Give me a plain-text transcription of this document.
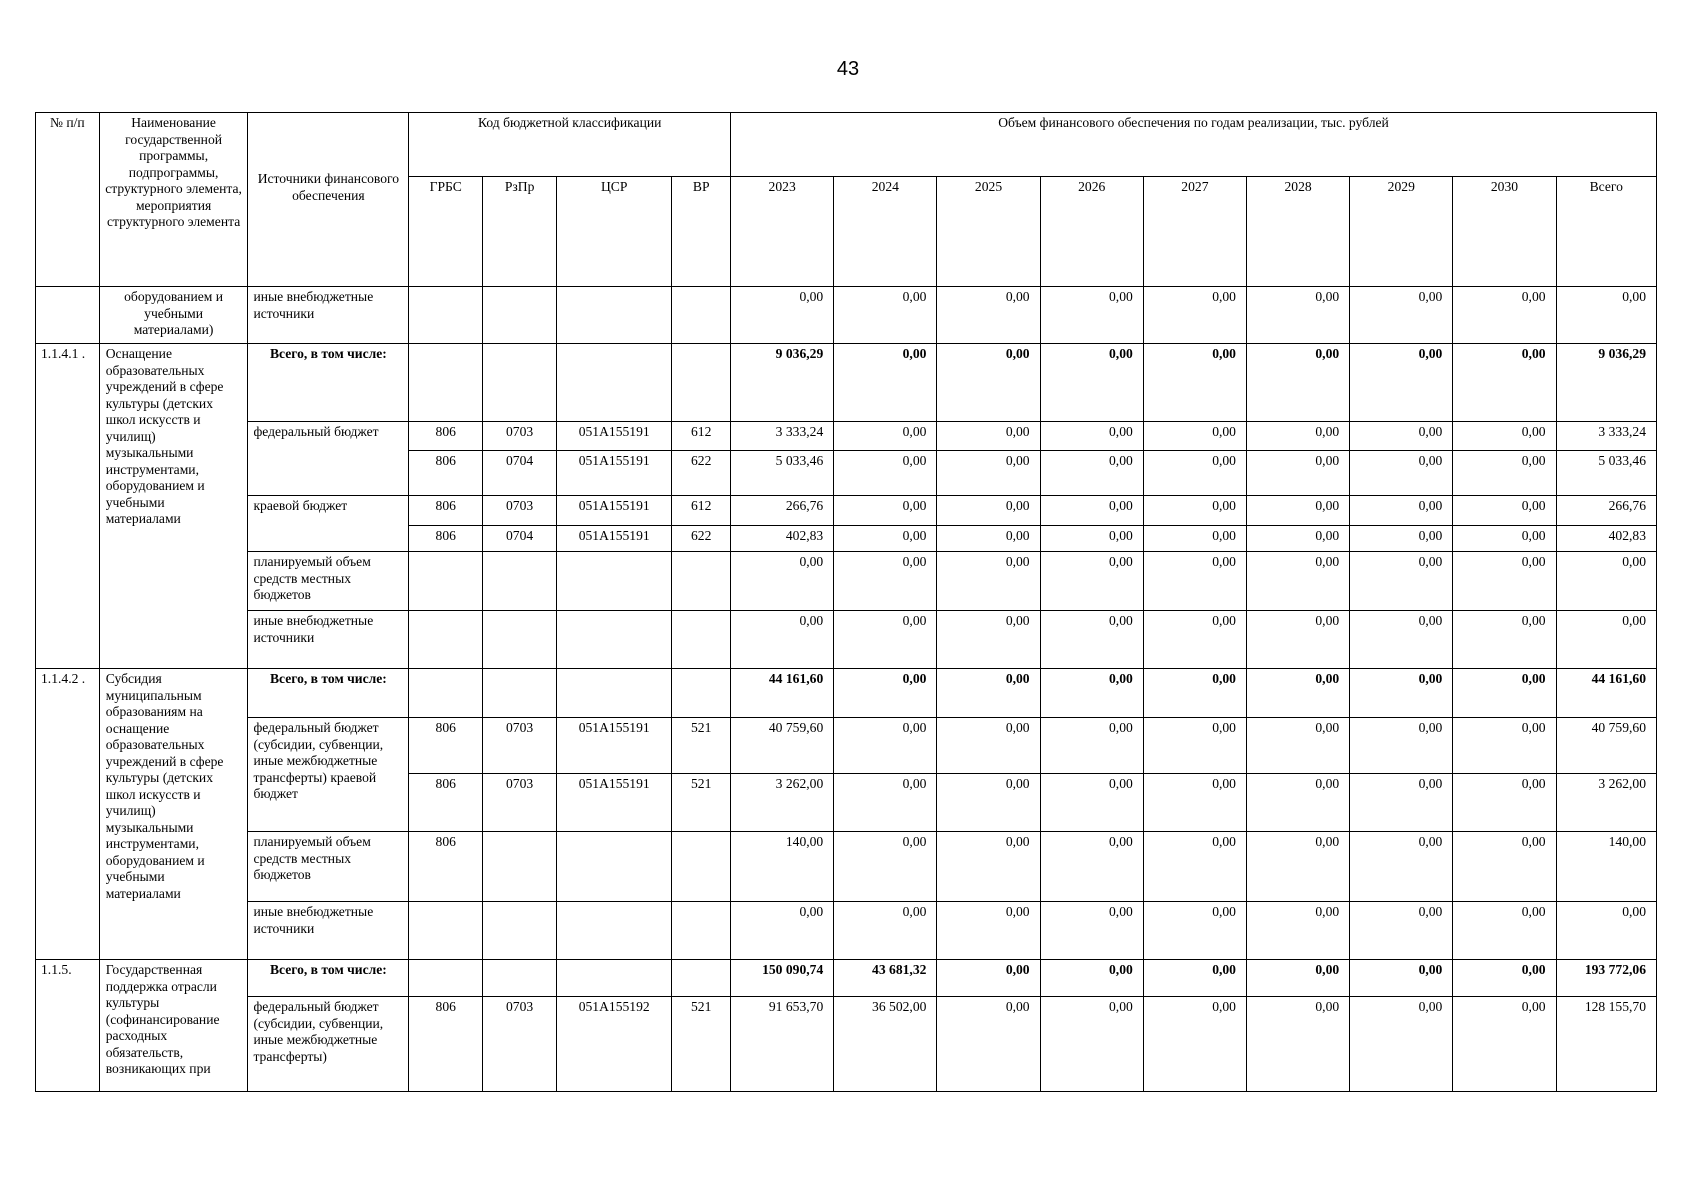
43
№ п/п	Наименование государственной программы, подпрограммы, структурного элемента, мероприятия структурного элемента	Источники финансового обеспечения	Код бюджетной классификации				Объем финансового обеспечения по годам реализации, тыс. рублей								
			ГРБС	РзПр	ЦСР	ВР	2023	2024	2025	2026	2027	2028	2029	2030	Всего
	оборудованием и учебными материалами)	иные внебюджетные источники					0,00	0,00	0,00	0,00	0,00	0,00	0,00	0,00	0,00
1.1.4.1 .	Оснащение образовательных учреждений в сфере культуры (детских школ искусств и училищ) музыкальными инструментами, оборудованием и учебными материалами	Всего, в том числе:					9 036,29	0,00	0,00	0,00	0,00	0,00	0,00	0,00	9 036,29
		федеральный бюджет	806	0703	051A155191	612	3 333,24	0,00	0,00	0,00	0,00	0,00	0,00	0,00	3 333,24
			806	0704	051A155191	622	5 033,46	0,00	0,00	0,00	0,00	0,00	0,00	0,00	5 033,46
		краевой бюджет	806	0703	051A155191	612	266,76	0,00	0,00	0,00	0,00	0,00	0,00	0,00	266,76
			806	0704	051A155191	622	402,83	0,00	0,00	0,00	0,00	0,00	0,00	0,00	402,83
		планируемый объем средств местных бюджетов					0,00	0,00	0,00	0,00	0,00	0,00	0,00	0,00	0,00
		иные внебюджетные источники					0,00	0,00	0,00	0,00	0,00	0,00	0,00	0,00	0,00
1.1.4.2 .	Субсидия муниципальным образованиям на оснащение образовательных учреждений в сфере культуры (детских школ искусств и училищ) музыкальными инструментами, оборудованием и учебными материалами	Всего, в том числе:					44 161,60	0,00	0,00	0,00	0,00	0,00	0,00	0,00	44 161,60
		федеральный бюджет (субсидии, субвенции, иные межбюджетные трансферты) краевой бюджет	806	0703	051A155191	521	40 759,60	0,00	0,00	0,00	0,00	0,00	0,00	0,00	40 759,60
			806	0703	051A155191	521	3 262,00	0,00	0,00	0,00	0,00	0,00	0,00	0,00	3 262,00
		планируемый объем средств местных бюджетов	806				140,00	0,00	0,00	0,00	0,00	0,00	0,00	0,00	140,00
		иные внебюджетные источники					0,00	0,00	0,00	0,00	0,00	0,00	0,00	0,00	0,00
1.1.5.	Государственная поддержка отрасли культуры (софинансирование расходных обязательств, возникающих при	Всего, в том числе:					150 090,74	43 681,32	0,00	0,00	0,00	0,00	0,00	0,00	193 772,06
		федеральный бюджет (субсидии, субвенции, иные межбюджетные трансферты)	806	0703	051A155192	521	91 653,70	36 502,00	0,00	0,00	0,00	0,00	0,00	0,00	128 155,70
